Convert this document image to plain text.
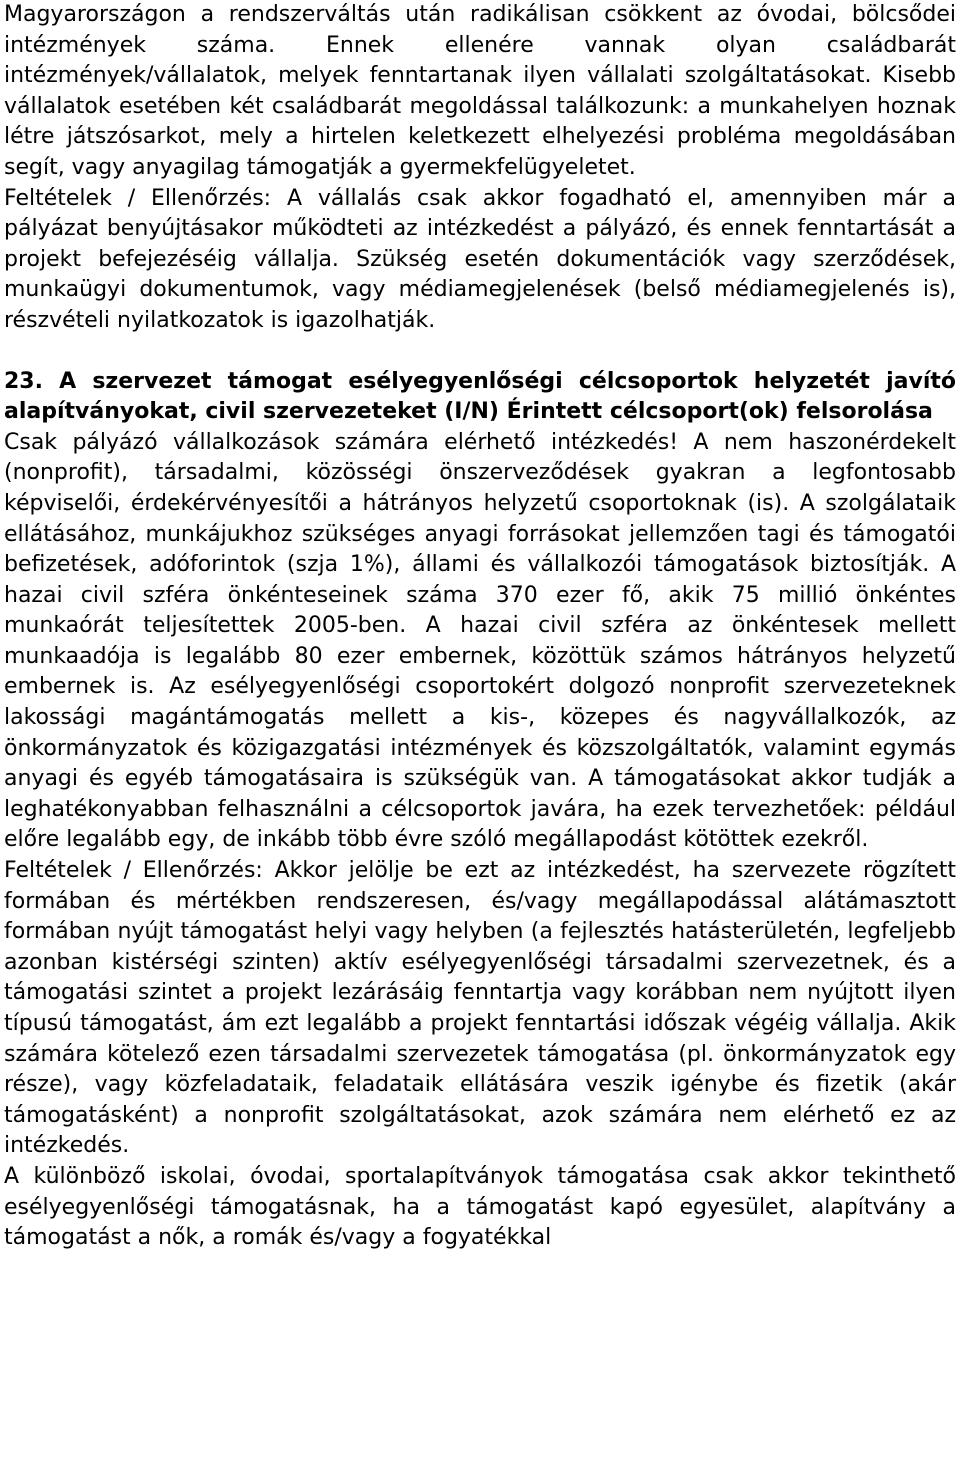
Magyarországon a rendszerváltás után radikálisan csökkent az óvodai, bölcsődei intézmények száma. Ennek ellenére vannak olyan családbarát intézmények/vállalatok, melyek fenntartanak ilyen vállalati szolgáltatásokat. Kisebb vállalatok esetében két családbarát megoldással találkozunk: a munkahelyen hoznak létre játszósarkot, mely a hirtelen keletkezett elhelyezési probléma megoldásában segít, vagy anyagilag támogatják a gyermekfelügyeletet.

Feltételek / Ellenőrzés: A vállalás csak akkor fogadható el, amennyiben már a pályázat benyújtásakor működteti az intézkedést a pályázó, és ennek fenntartását a projekt befejezéséig vállalja. Szükség esetén dokumentációk vagy szerződések, munkaügyi dokumentumok, vagy médiamegjelenések (belső médiamegjelenés is), részvételi nyilatkozatok is igazolhatják.

23. A szervezet támogat esélyegyenlőségi célcsoportok helyzetét javító alapítványokat, civil szervezeteket (I/N) Érintett célcsoport(ok) felsorolása

Csak pályázó vállalkozások számára elérhető intézkedés! A nem haszonérdekelt (nonprofit), társadalmi, közösségi önszerveződések gyakran a legfontosabb képviselői, érdekérvényesítői a hátrányos helyzetű csoportoknak (is). A szolgálataik ellátásához, munkájukhoz szükséges anyagi forrásokat jellemzően tagi és támogatói befizetések, adóforintok (szja 1%), állami és vállalkozói támogatások biztosítják. A hazai civil szféra önkénteseinek száma 370 ezer fő, akik 75 millió önkéntes munkaórát teljesítettek 2005-ben. A hazai civil szféra az önkéntesek mellett munkaadója is legalább 80 ezer embernek, közöttük számos hátrányos helyzetű embernek is. Az esélyegyenlőségi csoportokért dolgozó nonprofit szervezeteknek lakossági magántámogatás mellett a kis-, közepes és nagyvállalkozók, az önkormányzatok és közigazgatási intézmények és közszolgáltatók, valamint egymás anyagi és egyéb támogatásaira is szükségük van. A támogatásokat akkor tudják a leghatékonyabban felhasználni a célcsoportok javára, ha ezek tervezhetőek: például előre legalább egy, de inkább több évre szóló megállapodást kötöttek ezekről.

Feltételek / Ellenőrzés: Akkor jelölje be ezt az intézkedést, ha szervezete rögzített formában és mértékben rendszeresen, és/vagy megállapodással alátámasztott formában nyújt támogatást helyi vagy helyben (a fejlesztés hatásterületén, legfeljebb azonban kistérségi szinten) aktív esélyegyenlőségi társadalmi szervezetnek, és a támogatási szintet a projekt lezárásáig fenntartja vagy korábban nem nyújtott ilyen típusú támogatást, ám ezt legalább a projekt fenntartási időszak végéig vállalja. Akik számára kötelező ezen társadalmi szervezetek támogatása (pl. önkormányzatok egy része), vagy közfeladataik, feladataik ellátására veszik igénybe és fizetik (akár támogatásként) a nonprofit szolgáltatásokat, azok számára nem elérhető ez az intézkedés.

A különböző iskolai, óvodai, sportalapítványok támogatása csak akkor tekinthető esélyegyenlőségi támogatásnak, ha a támogatást kapó egyesület, alapítvány a támogatást a nők, a romák és/vagy a fogyatékkal
